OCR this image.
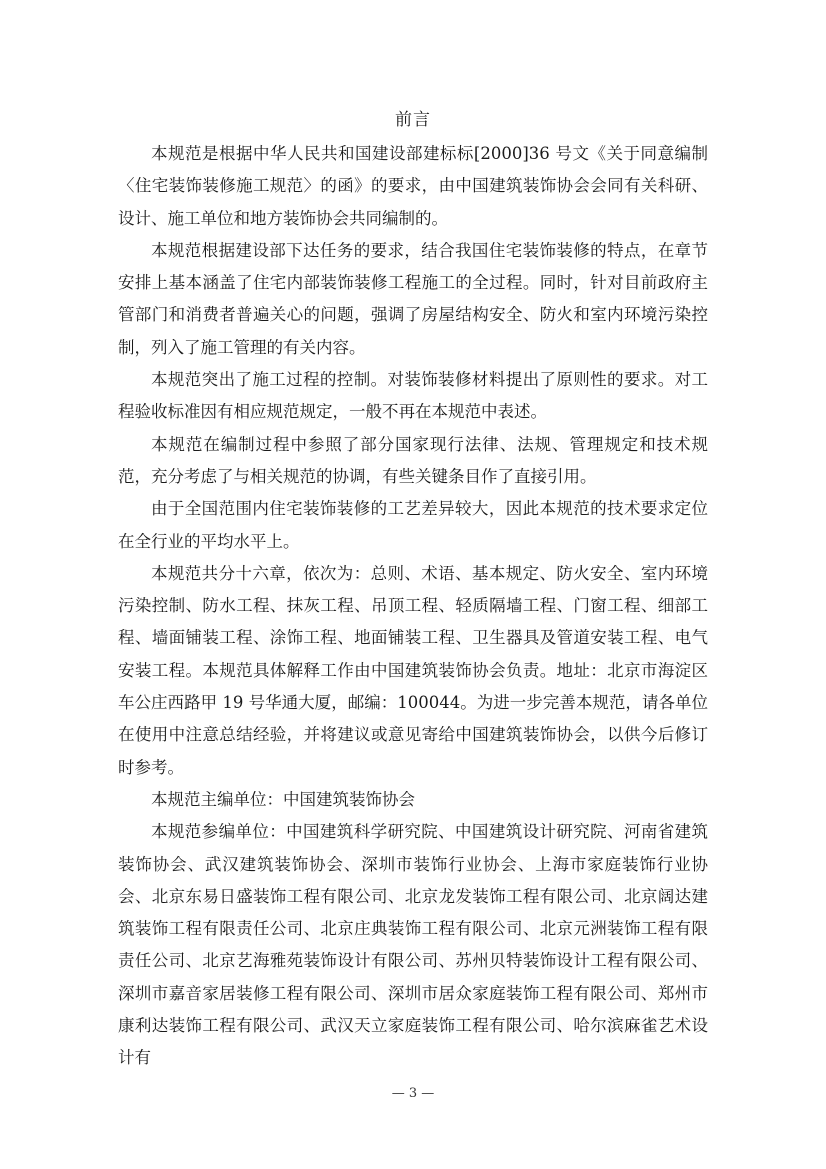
前言

本规范是根据中华人民共和国建设部建标标[2000]36 号文《关于同意编制〈住宅装饰装修施工规范〉的函》的要求，由中国建筑装饰协会会同有关科研、设计、施工单位和地方装饰协会共同编制的。

本规范根据建设部下达任务的要求，结合我国住宅装饰装修的特点，在章节安排上基本涵盖了住宅内部装饰装修工程施工的全过程。同时，针对目前政府主管部门和消费者普遍关心的问题，强调了房屋结构安全、防火和室内环境污染控制，列入了施工管理的有关内容。

本规范突出了施工过程的控制。对装饰装修材料提出了原则性的要求。对工程验收标准因有相应规范规定，一般不再在本规范中表述。

本规范在编制过程中参照了部分国家现行法律、法规、管理规定和技术规范，充分考虑了与相关规范的协调，有些关键条目作了直接引用。

由于全国范围内住宅装饰装修的工艺差异较大，因此本规范的技术要求定位在全行业的平均水平上。

本规范共分十六章，依次为：总则、术语、基本规定、防火安全、室内环境污染控制、防水工程、抹灰工程、吊顶工程、轻质隔墙工程、门窗工程、细部工程、墙面铺装工程、涂饰工程、地面铺装工程、卫生器具及管道安装工程、电气安装工程。本规范具体解释工作由中国建筑装饰协会负责。地址：北京市海淀区车公庄西路甲 19 号华通大厦，邮编：100044。为进一步完善本规范，请各单位在使用中注意总结经验，并将建议或意见寄给中国建筑装饰协会，以供今后修订时参考。

本规范主编单位：中国建筑装饰协会

本规范参编单位：中国建筑科学研究院、中国建筑设计研究院、河南省建筑装饰协会、武汉建筑装饰协会、深圳市装饰行业协会、上海市家庭装饰行业协会、北京东易日盛装饰工程有限公司、北京龙发装饰工程有限公司、北京阔达建筑装饰工程有限责任公司、北京庄典装饰工程有限公司、北京元洲装饰工程有限责任公司、北京艺海雅苑装饰设计有限公司、苏州贝特装饰设计工程有限公司、深圳市嘉音家居装修工程有限公司、深圳市居众家庭装饰工程有限公司、郑州市康利达装饰工程有限公司、武汉天立家庭装饰工程有限公司、哈尔滨麻雀艺术设计有

— 3 —
